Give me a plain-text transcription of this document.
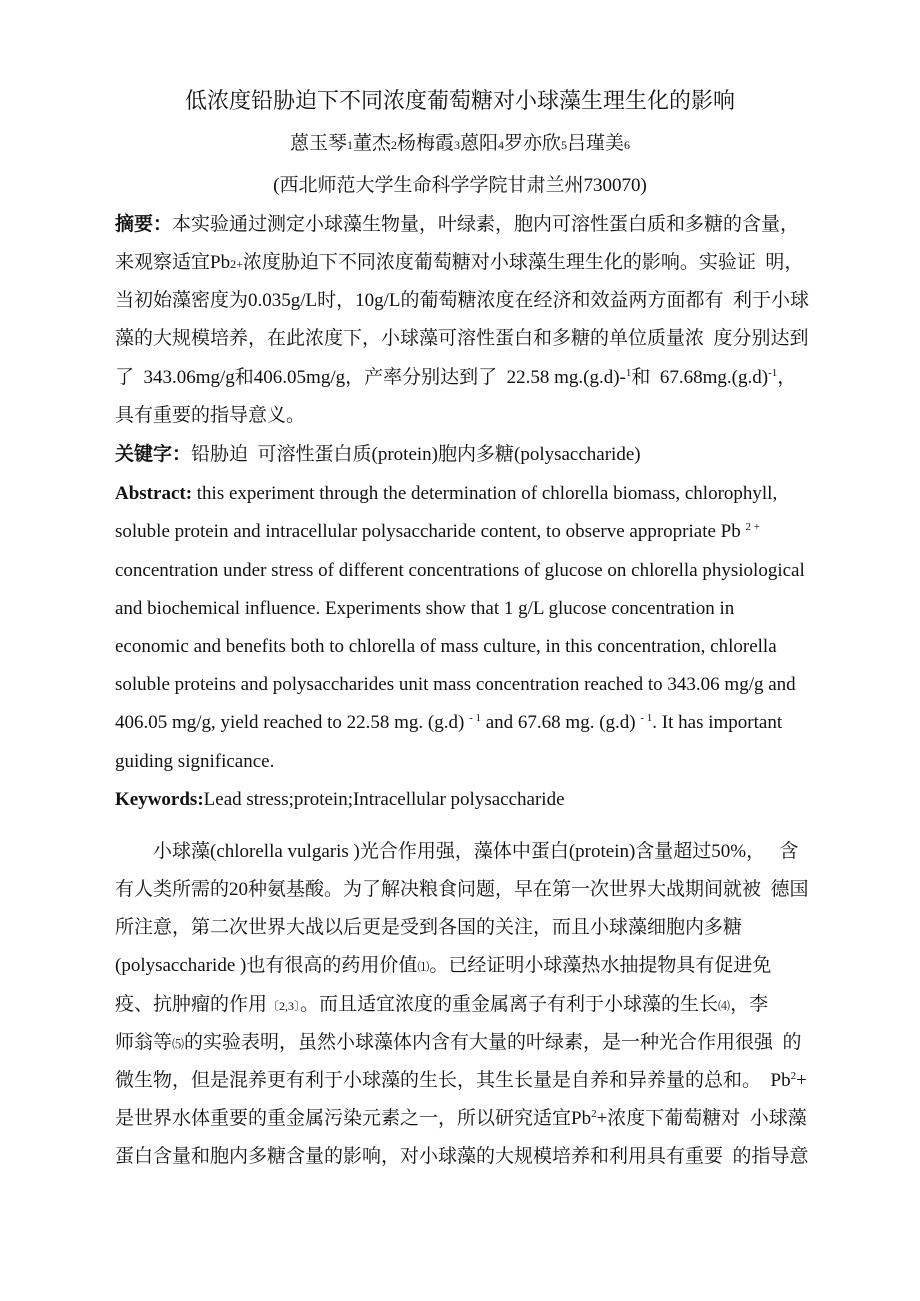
低浓度铅胁迫下不同浓度葡萄糖对小球藻生理生化的影响
蒽玉琴1董杰2杨梅霞3蒽阳4罗亦欣5吕瑾美6
(西北师范大学生命科学学院甘肃兰州730070)
摘要：本实验通过测定小球藻生物量，叶绿素，胞内可溶性蛋白质和多糖的含量，
来观察适宜Pb2+浓度胁迫下不同浓度葡萄糖对小球藻生理生化的影响。实验证  明，
当初始藻密度为0.035g/L时，10g/L的葡萄糖浓度在经济和效益两方面都有  利于小球
藻的大规模培养，在此浓度下，小球藻可溶性蛋白和多糖的单位质量浓  度分别达到
了  343.06mg/g和406.05mg/g，产率分别达到了  22.58 mg.(g.d)-$^1$和  $67.68mg.(g.d)^{-1}$，
具有重要的指导意义。
关键字：铅胁迫  可溶性蛋白质(protein)胞内多糖(polysaccharide)
Abstract: this experiment through the determination of chlorella biomass, chlorophyll,
soluble protein and intracellular polysaccharide content, to observe appropriate Pb $^{2 +}$
concentration under stress of different concentrations of glucose on chlorella physiological
and biochemical influence. Experiments show that 1 g/L glucose concentration in
economic and benefits both to chlorella of mass culture, in this concentration, chlorella
soluble proteins and polysaccharides unit mass concentration reached to 343.06 mg/g and
406.05 mg/g, yield reached to 22.58 mg. (g.d) $^{- 1}$ and 67.68 mg. (g.d) $^{- 1}$. It has important
guiding significance.
Keywords:Lead stress;protein;Intracellular polysaccharide
小球藻(chlorella vulgaris )光合作用强，藻体中蛋白(protein)含量超过50%，   含
有人类所需的20种氨基酸。为了解决粮食问题，早在第一次世界大战期间就被  德国
所注意，第二次世界大战以后更是受到各国的关注，而且小球藻细胞内多糖
(polysaccharide )也有很高的药用价值⑴。已经证明小球藻热水抽提物具有促进免
疫、抗肿瘤的作用〔2,3〕。而且适宜浓度的重金属离子有利于小球藻的生长⑷，李
师翁等⑸的实验表明，虽然小球藻体内含有大量的叶绿素，是一种光合作用很强  的
微生物，但是混养更有利于小球藻的生长，其生长量是自养和异养量的总和。  $Pb^2+$
是世界水体重要的重金属污染元素之一，所以研究适宜$Pb^2+$浓度下葡萄糖对  小球藻
蛋白含量和胞内多糖含量的影响，对小球藻的大规模培养和利用具有重要  的指导意
